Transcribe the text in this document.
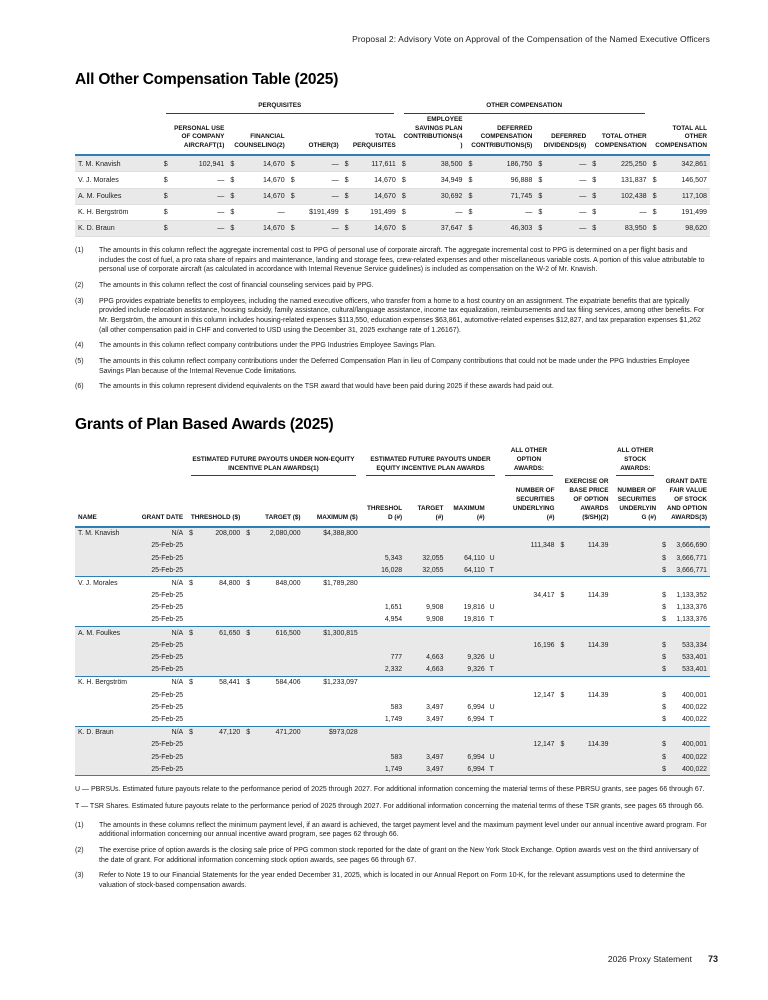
Proposal 2: Advisory Vote on Approval of the Compensation of the Named Executive Officers
All Other Compensation Table (2025)

	PERQUISITES				OTHER COMPENSATION				

	PERSONAL USE OF COMPANY AIRCRAFT(1)	FINANCIAL COUNSELING(2)	OTHER(3)	TOTAL PERQUISITES	EMPLOYEE SAVINGS PLAN CONTRIBUTIONS(4)	DEFERRED COMPENSATION CONTRIBUTIONS(5)	DEFERRED DIVIDENDS(6)	TOTAL OTHER COMPENSATION	TOTAL ALL OTHER COMPENSATION
T. M. Knavish	$ 102,941	$ 14,670	$ —	$ 117,611	$ 38,500	$ 186,750	$ —	$ 225,250	$ 342,861
V. J. Morales	$ —	$ 14,670	$ —	$ 14,670	$ 34,949	$ 96,888	$ —	$ 131,837	$ 146,507
A. M. Foulkes	$ —	$ 14,670	$ —	$ 14,670	$ 30,692	$ 71,745	$ —	$ 102,438	$ 117,108
K. H. Bergström	$ —	$ —	$191,499	$ 191,499	$ —	$ —	$ —	$ —	$ 191,499
K. D. Braun	$ —	$ 14,670	$ —	$ 14,670	$ 37,647	$ 46,303	$ —	$ 83,950	$ 98,620
(1)	The amounts in this column reflect the aggregate incremental cost to PPG of personal use of corporate aircraft. The aggregate incremental cost to PPG is determined on a per flight basis and includes the cost of fuel, a pro rata share of repairs and maintenance, landing and storage fees, crew-related expenses and other miscellaneous variable costs. A portion of this value attributable to personal use of corporate aircraft (as calculated in accordance with Internal Revenue Service guidelines) is included as compensation on the W-2 of Mr. Knavish.
(2)	The amounts in this column reflect the cost of financial counseling services paid by PPG.
(3)	PPG provides expatriate benefits to employees, including the named executive officers, who transfer from a home to a host country on an assignment. The expatriate benefits that are typically provided include relocation assistance, housing subsidy, family assistance, cultural/language assistance, income tax equalization, reimbursements and tax filing services, among other benefits. For Mr. Bergström, the amount in this column includes housing-related expenses $113,550, education expenses $63,861, automotive-related expenses $12,827, and tax preparation expenses $1,262 (all other compensation paid in CHF and converted to USD using the December 31, 2025 exchange rate of 1.26167).
(4)	The amounts in this column reflect company contributions under the PPG Industries Employee Savings Plan.
(5)	The amounts in this column reflect company contributions under the Deferred Compensation Plan in lieu of Company contributions that could not be made under the PPG Industries Employee Savings Plan because of the Internal Revenue Code limitations.
(6)	The amounts in this column represent dividend equivalents on the TSR award that would have been paid during 2025 if these awards had paid out.
Grants of Plan Based Awards (2025)

		ESTIMATED FUTURE PAYOUTS UNDER NON-EQUITY INCENTIVE PLAN AWARDS(1)			ESTIMATED FUTURE PAYOUTS UNDER EQUITY INCENTIVE PLAN AWARDS				ALL OTHER OPTION AWARDS:		ALL OTHER STOCK AWARDS:	

NAME	GRANT DATE	THRESHOLD ($)	TARGET ($)	MAXIMUM ($)	THRESHOLD (#)	TARGET (#)	MAXIMUM (#)		NUMBER OF SECURITIES UNDERLYING (#)	EXERCISE OR BASE PRICE OF OPTION AWARDS ($/SH)(2)	NUMBER OF SECURITIES UNDERLYING (#)	GRANT DATE FAIR VALUE OF STOCK AND OPTION AWARDS(3)
T. M. Knavish	N/A	$ 208,000	$ 2,080,000	$4,388,800								
	25-Feb-25								111,348	$ 114.39		$ 3,666,690
	25-Feb-25				5,343	32,055	64,110	U				$ 3,666,771
	25-Feb-25				16,028	32,055	64,110	T				$ 3,666,771
V. J. Morales	N/A	$ 84,800	$ 848,000	$1,789,280								
	25-Feb-25								34,417	$ 114.39		$ 1,133,352
	25-Feb-25				1,651	9,908	19,816	U				$ 1,133,376
	25-Feb-25				4,954	9,908	19,816	T				$ 1,133,376
A. M. Foulkes	N/A	$ 61,650	$ 616,500	$1,300,815								
	25-Feb-25								16,196	$ 114.39		$ 533,334
	25-Feb-25				777	4,663	9,326	U				$ 533,401
	25-Feb-25				2,332	4,663	9,326	T				$ 533,401
K. H. Bergström	N/A	$ 58,441	$ 584,406	$1,233,097								
	25-Feb-25								12,147	$ 114.39		$ 400,001
	25-Feb-25				583	3,497	6,994	U				$ 400,022
	25-Feb-25				1,749	3,497	6,994	T				$ 400,022
K. D. Braun	N/A	$ 47,120	$ 471,200	$973,028								
	25-Feb-25								12,147	$ 114.39		$ 400,001
	25-Feb-25				583	3,497	6,994	U				$ 400,022
	25-Feb-25				1,749	3,497	6,994	T				$ 400,022

U — PBRSUs. Estimated future payouts relate to the performance period of 2025 through 2027. For additional information concerning the material terms of these PBRSU grants, see pages 66 through 67.

T — TSR Shares. Estimated future payouts relate to the performance period of 2025 through 2027. For additional information concerning the material terms of these TSR grants, see pages 65 through 66.

(1)	The amounts in these columns reflect the minimum payment level, if an award is achieved, the target payment level and the maximum payment level under our annual incentive award program. For additional information concerning our annual incentive award program, see pages 62 through 66.
(2)	The exercise price of option awards is the closing sale price of PPG common stock reported for the date of grant on the New York Stock Exchange. Option awards vest on the third anniversary of the date of grant. For additional information concerning stock option awards, see pages 66 through 67.
(3)	Refer to Note 19 to our Financial Statements for the year ended December 31, 2025, which is located in our Annual Report on Form 10-K, for the relevant assumptions used to determine the valuation of stock-based compensation awards.
2026 Proxy Statement 73
